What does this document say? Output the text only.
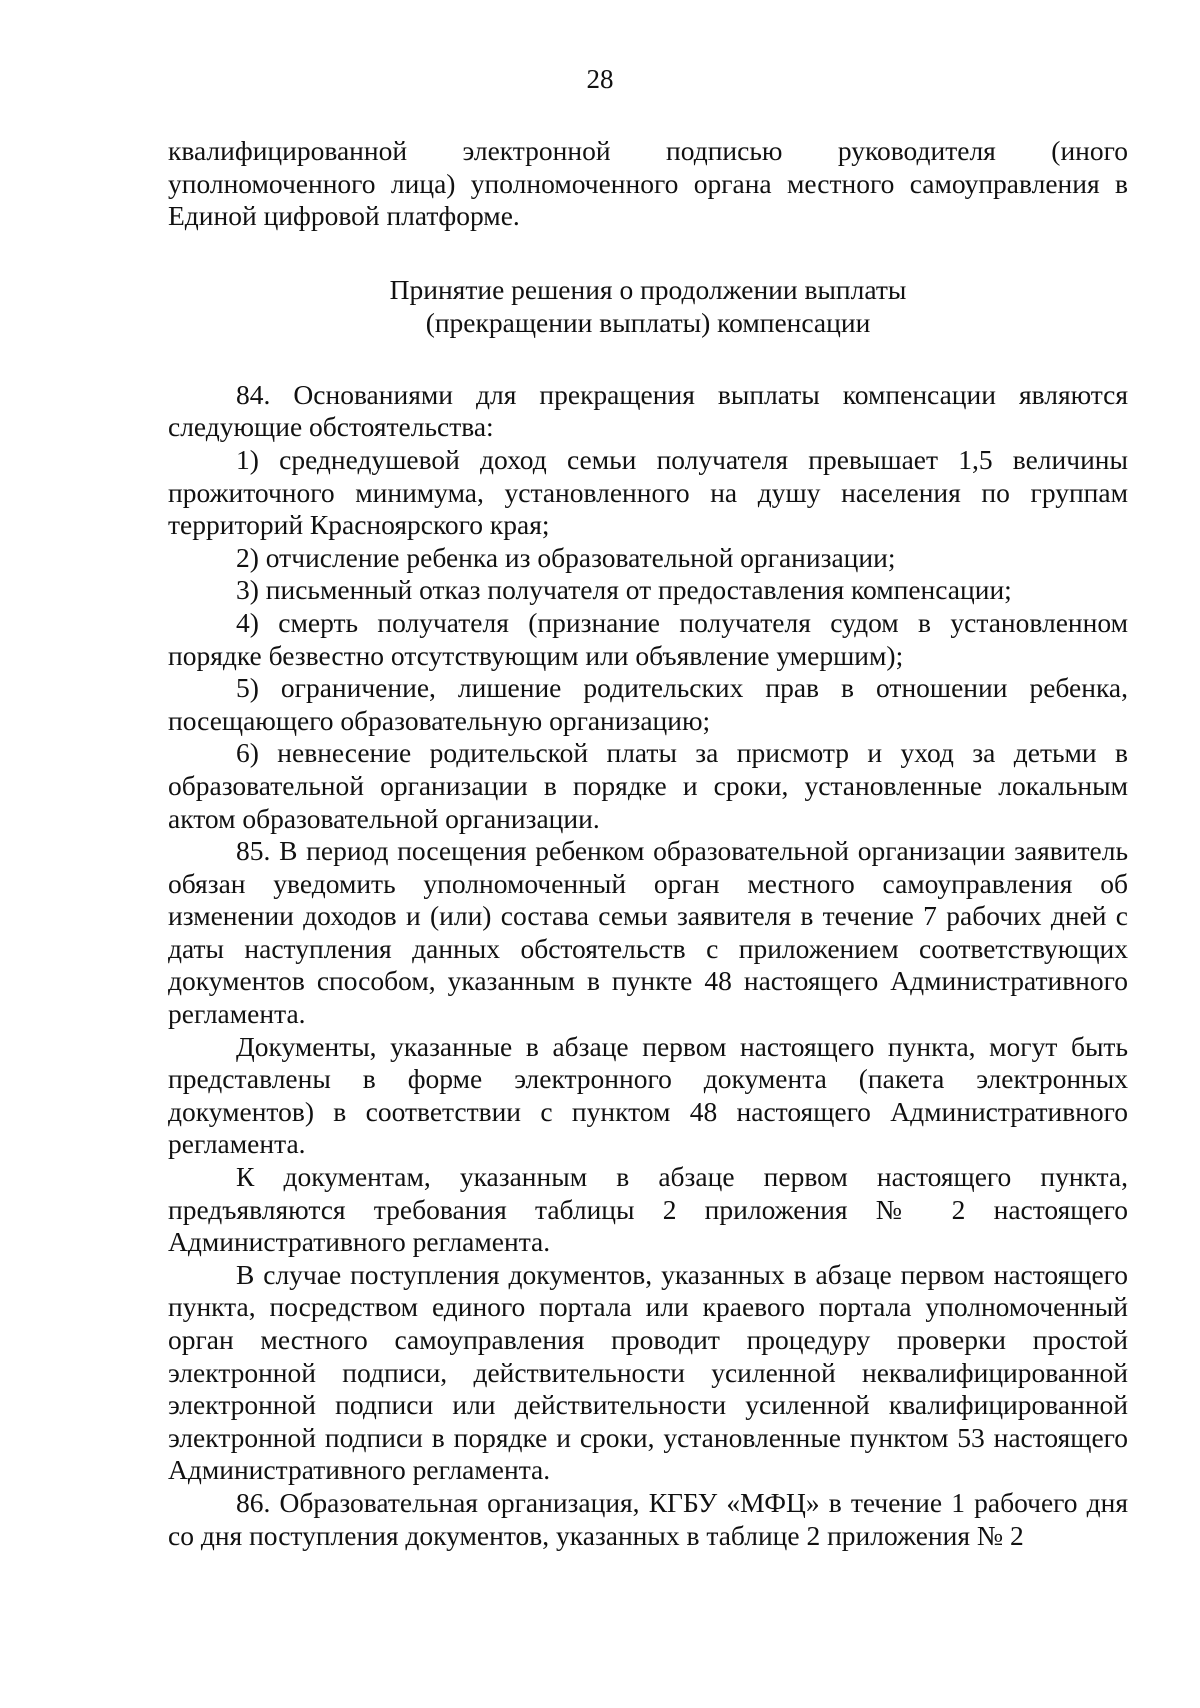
28

квалифицированной электронной подписью руководителя (иного уполномоченного лица) уполномоченного органа местного самоуправления в Единой цифровой платформе.

Принятие решения о продолжении выплаты
(прекращении выплаты) компенсации

84. Основаниями для прекращения выплаты компенсации являются следующие обстоятельства:

1) среднедушевой доход семьи получателя превышает 1,5 величины прожиточного минимума, установленного на душу населения по группам территорий Красноярского края;

2) отчисление ребенка из образовательной организации;

3) письменный отказ получателя от предоставления компенсации;

4) смерть получателя (признание получателя судом в установленном порядке безвестно отсутствующим или объявление умершим);

5) ограничение, лишение родительских прав в отношении ребенка, посещающего образовательную организацию;

6) невнесение родительской платы за присмотр и уход за детьми в образовательной организации в порядке и сроки, установленные локальным актом образовательной организации.

85. В период посещения ребенком образовательной организации заявитель обязан уведомить уполномоченный орган местного самоуправления об изменении доходов и (или) состава семьи заявителя в течение 7 рабочих дней с даты наступления данных обстоятельств с приложением соответствующих документов способом, указанным в пункте 48 настоящего Административного регламента.

Документы, указанные в абзаце первом настоящего пункта, могут быть представлены в форме электронного документа (пакета электронных документов) в соответствии с пунктом 48 настоящего Административного регламента.

К документам, указанным в абзаце первом настоящего пункта, предъявляются требования таблицы 2 приложения № 2 настоящего Административного регламента.

В случае поступления документов, указанных в абзаце первом настоящего пункта, посредством единого портала или краевого портала уполномоченный орган местного самоуправления проводит процедуру проверки простой электронной подписи, действительности усиленной неквалифицированной электронной подписи или действительности усиленной квалифицированной электронной подписи в порядке и сроки, установленные пунктом 53 настоящего Административного регламента.

86. Образовательная организация, КГБУ «МФЦ» в течение 1 рабочего дня со дня поступления документов, указанных в таблице 2 приложения № 2
